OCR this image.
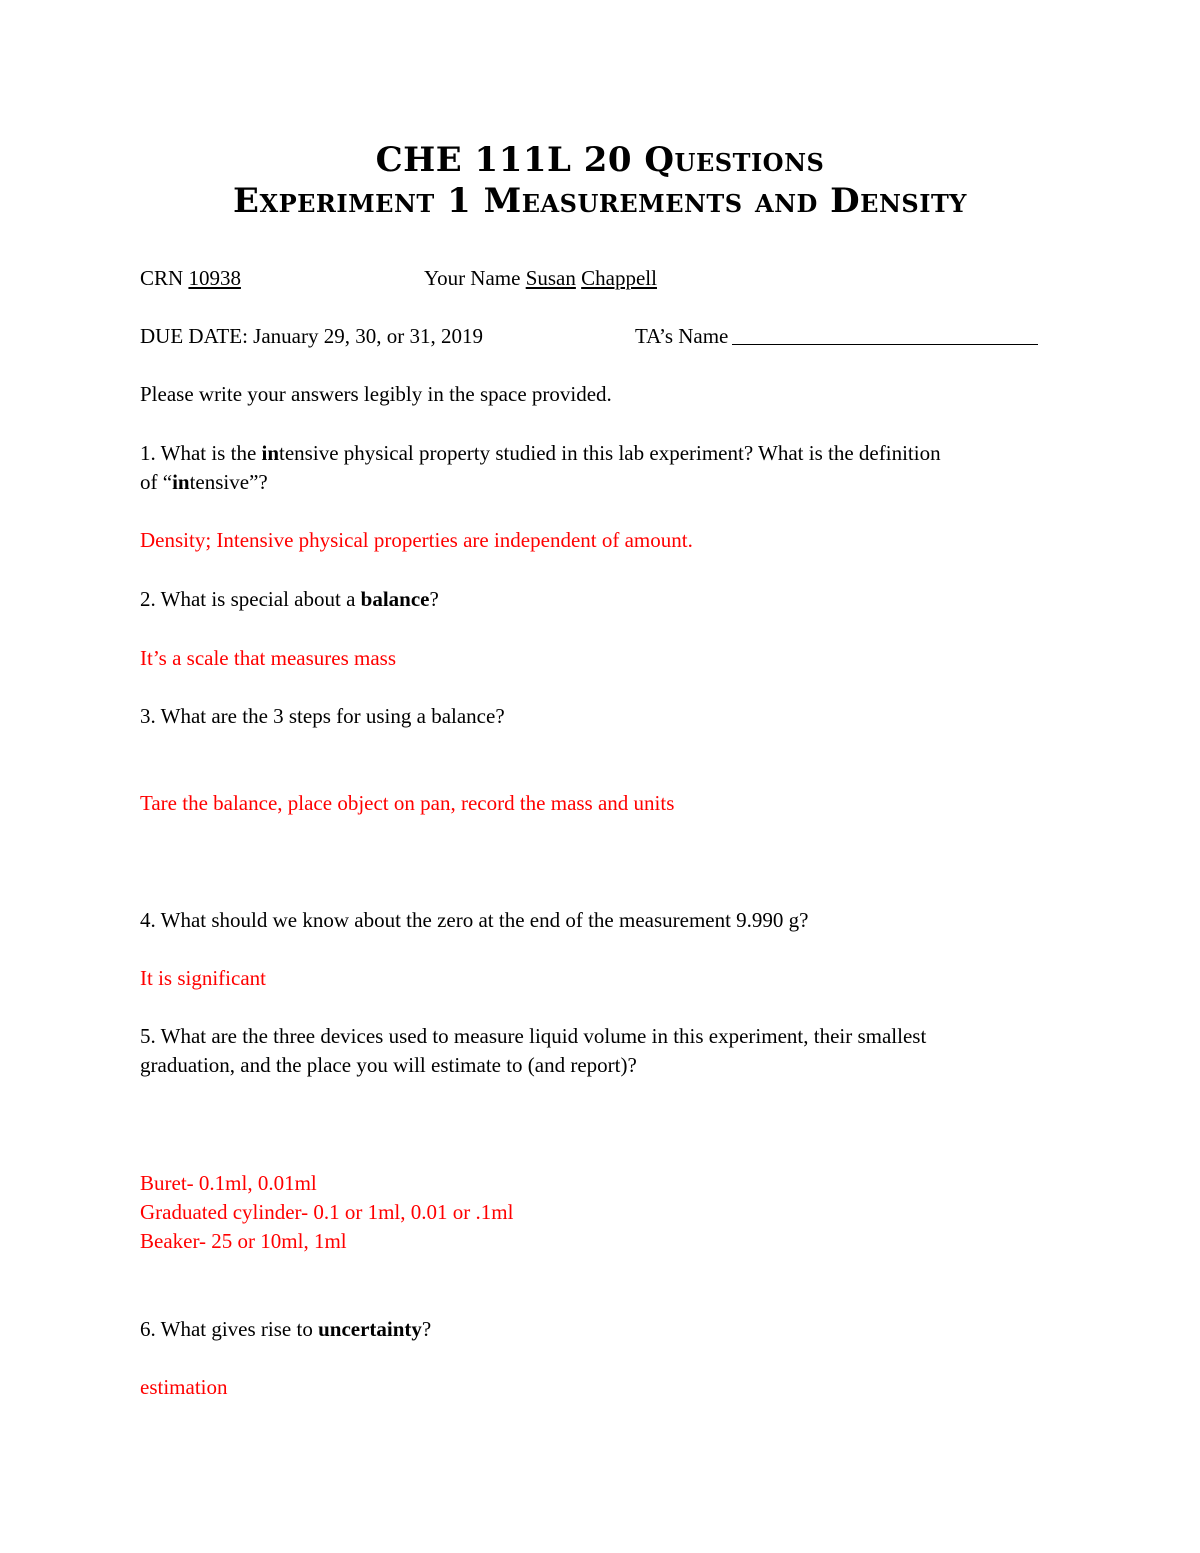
CHE 111L 20 Questions
Experiment 1 Measurements and Density
CRN 10938	Your Name Susan Chappell
DUE DATE: January 29, 30, or 31, 2019	TA’s Name
Please write your answers legibly in the space provided.
1. What is the intensive physical property studied in this lab experiment? What is the definition
of “intensive”?
Density; Intensive physical properties are independent of amount.
2. What is special about a balance?
It’s a scale that measures mass
3. What are the 3 steps for using a balance?
Tare the balance, place object on pan, record the mass and units
4. What should we know about the zero at the end of the measurement 9.990 g?
It is significant
5. What are the three devices used to measure liquid volume in this experiment, their smallest
graduation, and the place you will estimate to (and report)?
Buret- 0.1ml, 0.01ml
Graduated cylinder- 0.1 or 1ml, 0.01 or .1ml
Beaker- 25 or 10ml, 1ml
6. What gives rise to uncertainty?
estimation
